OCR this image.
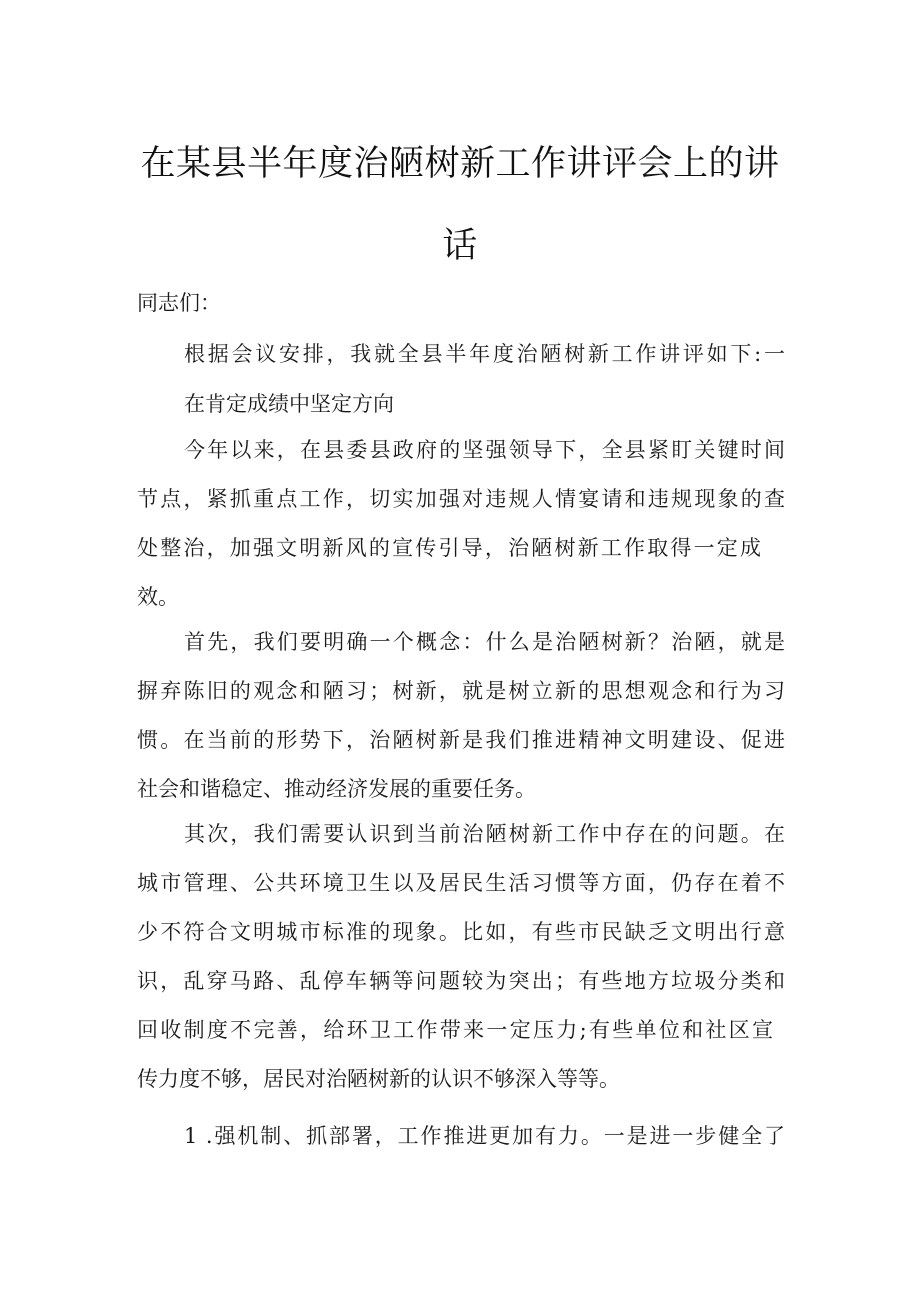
在某县半年度治陋树新工作讲评会上的讲
话
同志们：
根据会议安排，我就全县半年度治陋树新工作讲评如下:一
在肯定成绩中坚定方向
今年以来，在县委县政府的坚强领导下，全县紧盯关键时间
节点，紧抓重点工作，切实加强对违规人情宴请和违规现象的查
处整治，加强文明新风的宣传引导，治陋树新工作取得一定成
效。
首先，我们要明确一个概念：什么是治陋树新？治陋，就是
摒弃陈旧的观念和陋习；树新，就是树立新的思想观念和行为习
惯。在当前的形势下，治陋树新是我们推进精神文明建设、促进
社会和谐稳定、推动经济发展的重要任务。
其次，我们需要认识到当前治陋树新工作中存在的问题。在
城市管理、公共环境卫生以及居民生活习惯等方面，仍存在着不
少不符合文明城市标准的现象。比如，有些市民缺乏文明出行意
识，乱穿马路、乱停车辆等问题较为突出；有些地方垃圾分类和
回收制度不完善，给环卫工作带来一定压力;有些单位和社区宣
传力度不够，居民对治陋树新的认识不够深入等等。
1 .强机制、抓部署，工作推进更加有力。一是进一步健全了
